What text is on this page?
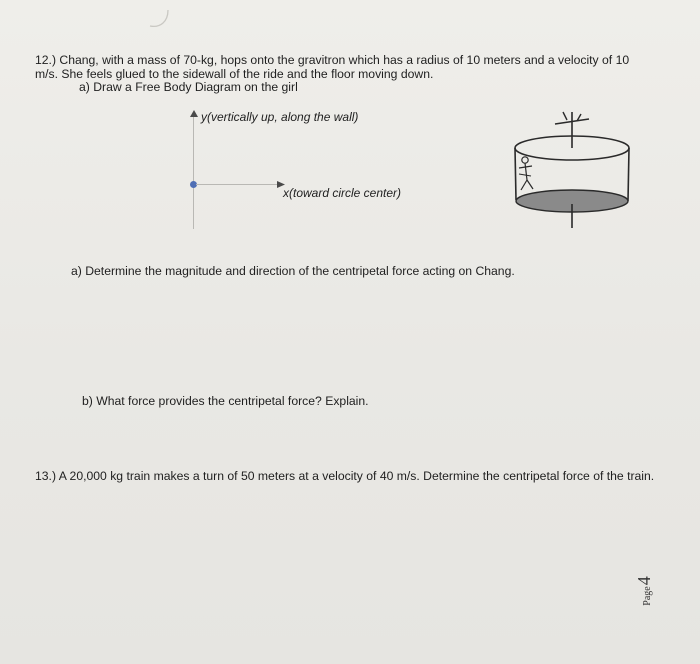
12.) Chang, with a mass of 70-kg, hops onto the gravitron which has a radius of 10 meters and a velocity of 10
m/s. She feels glued to the sidewall of the ride and the floor moving down.
a) Draw a Free Body Diagram on the girl
y(vertically up, along the wall)
x(toward circle center)
a) Determine the magnitude and direction of the centripetal force acting on Chang.
b) What force provides the centripetal force? Explain.
13.) A 20,000 kg train makes a turn of 50 meters at a velocity of 40 m/s. Determine the centripetal force of the train.
Page
4
